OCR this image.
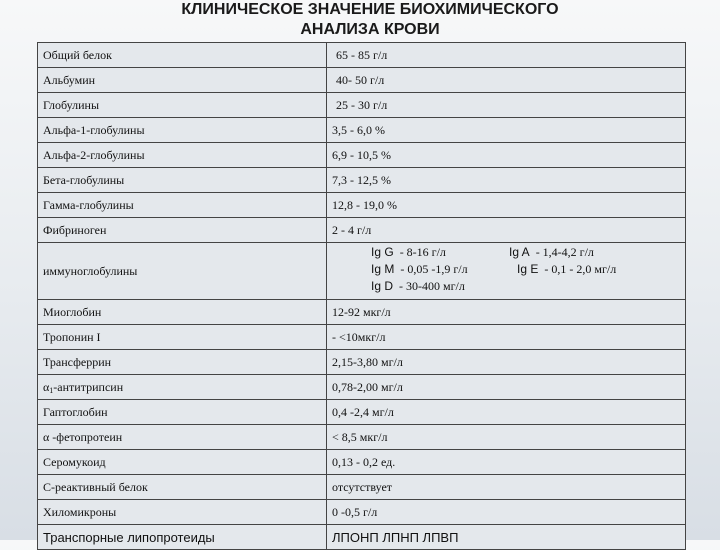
КЛИНИЧЕСКОЕ ЗНАЧЕНИЕ БИОХИМИЧЕСКОГО
АНАЛИЗА КРОВИ
Общий белок	65 - 85 г/л
Альбумин	40- 50 г/л
Глобулины	25 - 30 г/л
Альфа-1-глобулины	3,5 - 6,0 %
Альфа-2-глобулины	6,9 - 10,5 %
Бета-глобулины	7,3 - 12,5 %
Гамма-глобулины	12,8 - 19,0 %
Фибриноген	2 - 4 г/л
иммуноглобулины	Ig G - 8-16 г/л Ig A - 1,4-4,2 г/л
Ig M - 0,05 -1,9 г/л Ig E - 0,1 - 2,0 мг/л
Ig D - 30-400 мг/л

Миоглобин	12-92 мкг/л
Тропонин I	- <10мкг/л
Трансферрин	2,15-3,80 мг/л
$\alpha_1$-антитрипсин	0,78-2,00 мг/л
Гаптоглобин	0,4 -2,4 мг/л
α -фетопротеин	< 8,5 мкг/л
Серомукоид	0,13 - 0,2 ед.
С-реактивный белок	отсутствует
Хиломикроны	0 -0,5 г/л
Транспорные липопротеиды	ЛПОНП ЛПНП ЛПВП
